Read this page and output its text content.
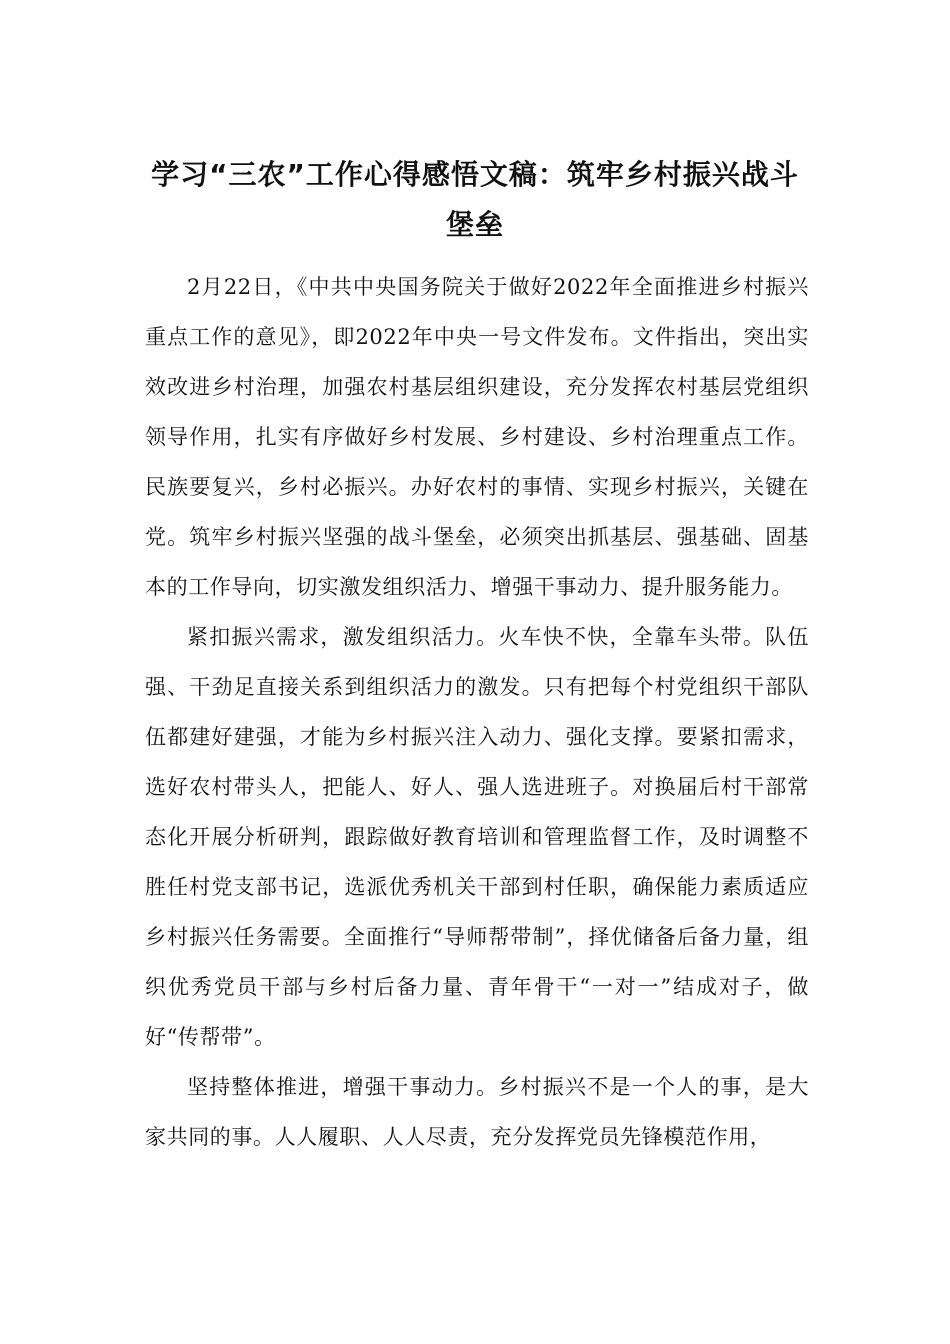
学习“三农”工作心得感悟文稿：筑牢乡村振兴战斗堡垒

2月22日，《中共中央国务院关于做好2022年全面推进乡村振兴重点工作的意见》，即2022年中央一号文件发布。文件指出，突出实效改进乡村治理，加强农村基层组织建设，充分发挥农村基层党组织领导作用，扎实有序做好乡村发展、乡村建设、乡村治理重点工作。民族要复兴，乡村必振兴。办好农村的事情、实现乡村振兴，关键在党。筑牢乡村振兴坚强的战斗堡垒，必须突出抓基层、强基础、固基本的工作导向，切实激发组织活力、增强干事动力、提升服务能力。

紧扣振兴需求，激发组织活力。火车快不快，全靠车头带。队伍强、干劲足直接关系到组织活力的激发。只有把每个村党组织干部队伍都建好建强，才能为乡村振兴注入动力、强化支撑。要紧扣需求，选好农村带头人，把能人、好人、强人选进班子。对换届后村干部常态化开展分析研判，跟踪做好教育培训和管理监督工作，及时调整不胜任村党支部书记，选派优秀机关干部到村任职，确保能力素质适应乡村振兴任务需要。全面推行“导师帮带制”，择优储备后备力量，组织优秀党员干部与乡村后备力量、青年骨干“一对一”结成对子，做好“传帮带”。

坚持整体推进，增强干事动力。乡村振兴不是一个人的事，是大家共同的事。人人履职、人人尽责，充分发挥党员先锋模范作用，
